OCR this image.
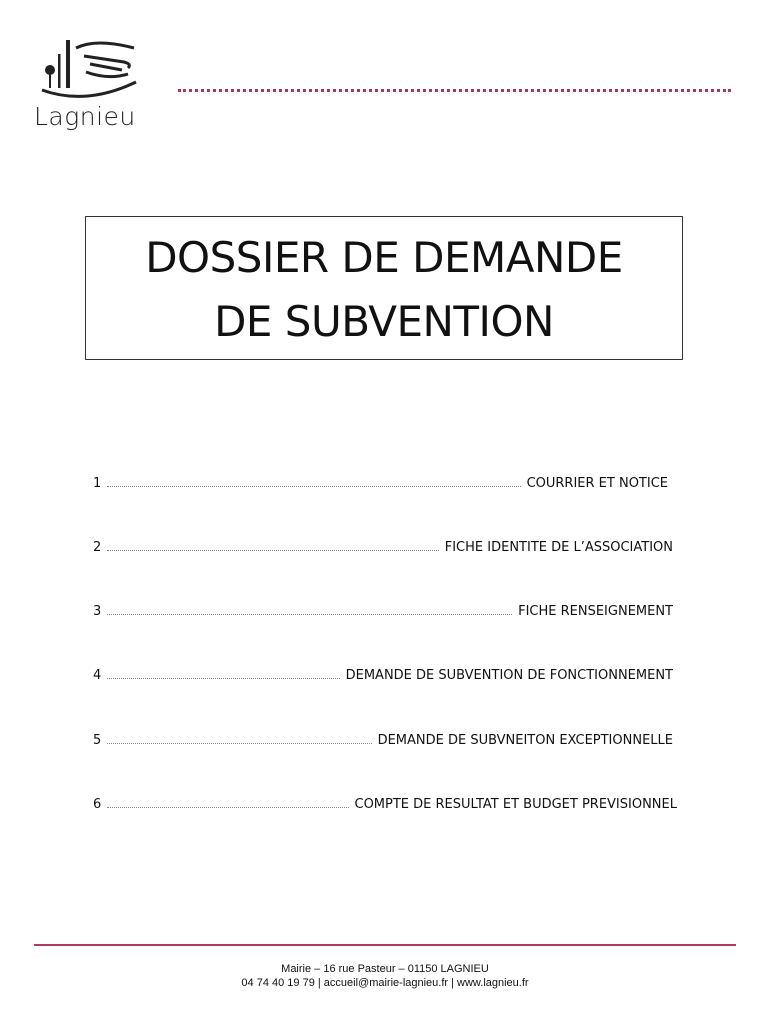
Lagnieu
DOSSIER DE DEMANDE
DE SUBVENTION
1	COURRIER ET NOTICE
2	FICHE IDENTITE DE L’ASSOCIATION
3	FICHE RENSEIGNEMENT
4	DEMANDE DE SUBVENTION DE FONCTIONNEMENT
5	DEMANDE DE SUBVNEITON EXCEPTIONNELLE
6	COMPTE DE RESULTAT ET BUDGET PREVISIONNEL
Mairie – 16 rue Pasteur – 01150 LAGNIEU
04 74 40 19 79 | accueil@mairie-lagnieu.fr | www.lagnieu.fr
